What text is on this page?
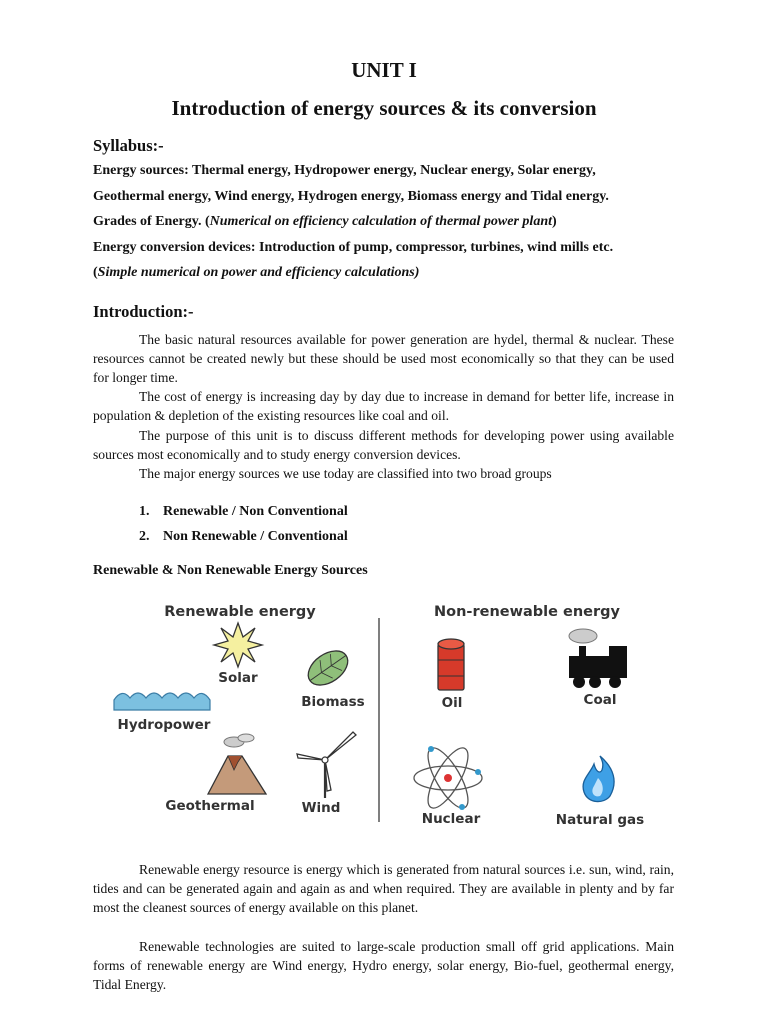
UNIT I
Introduction of energy sources & its conversion
Syllabus:-
Energy sources: Thermal energy, Hydropower energy, Nuclear energy, Solar energy,
Geothermal energy, Wind energy, Hydrogen energy, Biomass energy and Tidal energy.
Grades of Energy. (Numerical on efficiency calculation of thermal power plant)
Energy conversion devices: Introduction of pump, compressor, turbines, wind mills etc.
(Simple numerical on power and efficiency calculations)
Introduction:-
The basic natural resources available for power generation are hydel, thermal & nuclear. These resources cannot be created newly but these should be used most economically so that they can be used for longer time.
The cost of energy is increasing day by day due to increase in demand for better life, increase in population & depletion of the existing resources like coal and oil.
The purpose of this unit is to discuss different methods for developing power using available sources most economically and to study energy conversion devices.
The major energy sources we use today are classified into two broad groups
1. Renewable / Non Conventional
2. Non Renewable / Conventional
Renewable & Non Renewable Energy Sources
Renewable energy	Non-renewable energy
Solar
Biomass
Hydropower
Geothermal	Wind
Oil	Coal
Nuclear	Natural gas
Renewable energy resource is energy which is generated from natural sources i.e. sun, wind, rain, tides and can be generated again and again as and when required. They are available in plenty and by far most the cleanest sources of energy available on this planet.
Renewable technologies are suited to large-scale production small off grid applications. Main forms of renewable energy are Wind energy, Hydro energy, solar energy, Bio-fuel, geothermal energy, Tidal Energy.
